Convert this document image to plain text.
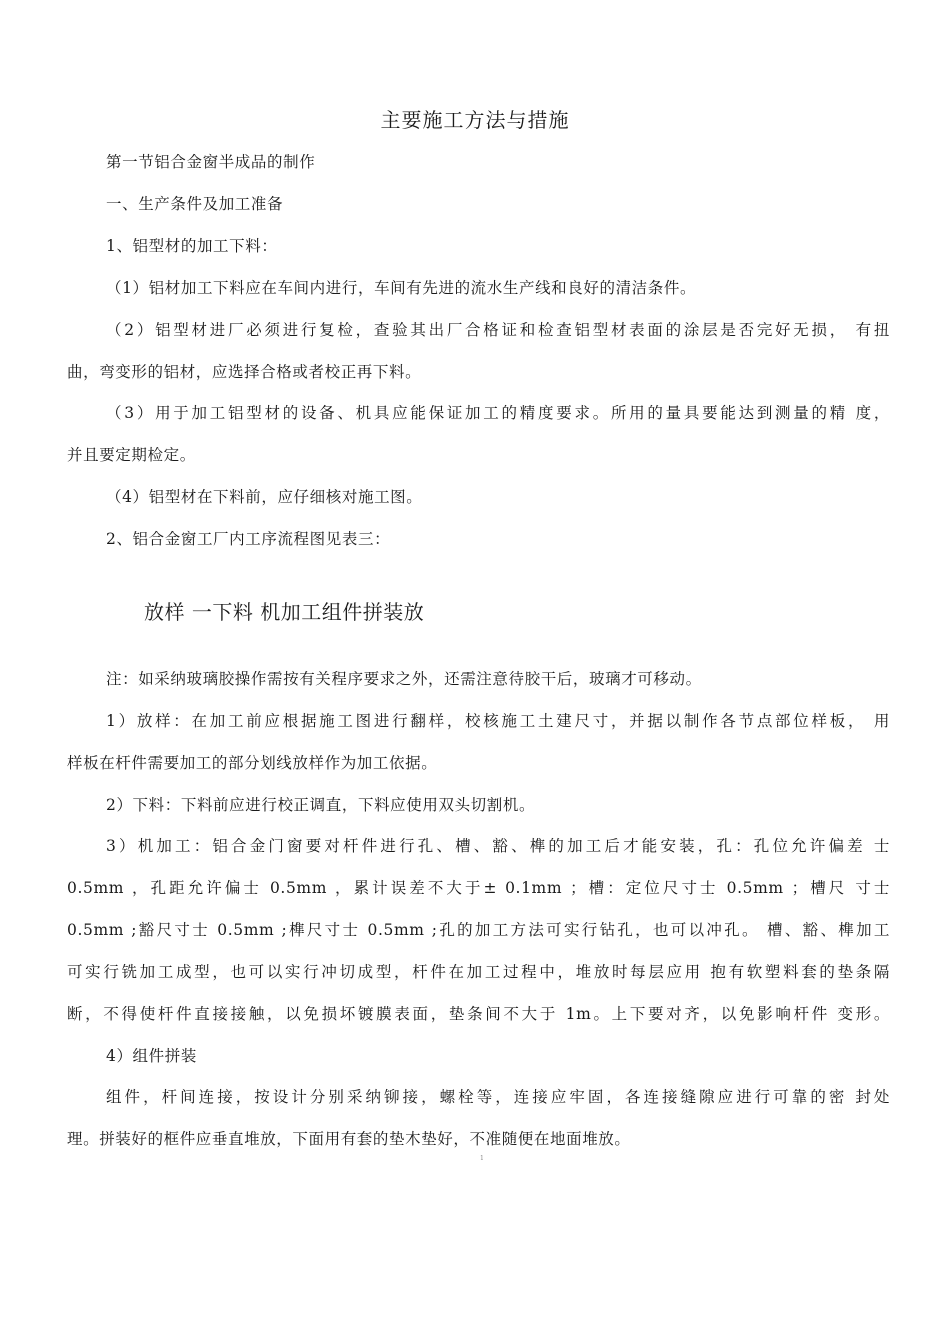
主要施工方法与措施
第一节铝合金窗半成品的制作
一、生产条件及加工准备
1、铝型材的加工下料：
（1）铝材加工下料应在车间内进行，车间有先进的流水生产线和良好的清洁条件。
（2）铝型材进厂必须进行复检，查验其出厂合格证和检查铝型材表面的涂层是否完好无损， 有扭
曲，弯变形的铝材，应选择合格或者校正再下料。
（3）用于加工铝型材的设备、机具应能保证加工的精度要求。所用的量具要能达到测量的精 度，
并且要定期检定。
（4）铝型材在下料前，应仔细核对施工图。
2、铝合金窗工厂内工序流程图见表三：
放样 一下料 机加工组件拼装放
注：如采纳玻璃胶操作需按有关程序要求之外，还需注意待胶干后，玻璃才可移动。
1）放样：在加工前应根据施工图进行翻样，校核施工土建尺寸，并据以制作各节点部位样板， 用
样板在杆件需要加工的部分划线放样作为加工依据。
2）下料：下料前应进行校正调直，下料应使用双头切割机。
3）机加工：铝合金门窗要对杆件进行孔、槽、豁、榫的加工后才能安装，孔：孔位允许偏差 士
0.5mm ，孔距允许偏士 0.5mm ，累计误差不大于± 0.1mm ；槽：定位尺寸士 0.5mm ；槽尺 寸士
0.5mm ;豁尺寸士 0.5mm ;榫尺寸士 0.5mm ;孔的加工方法可实行钻孔，也可以冲孔。 槽、豁、榫加工
可实行铣加工成型，也可以实行冲切成型，杆件在加工过程中，堆放时每层应用 抱有软塑料套的垫条隔
断，不得使杆件直接接触，以免损坏镀膜表面，垫条间不大于 1m。上下要对齐，以免影响杆件 变形。
4）组件拼装
组件，杆间连接，按设计分别采纳铆接，螺栓等，连接应牢固，各连接缝隙应进行可靠的密 封处
理。拼装好的框件应垂直堆放，下面用有套的垫木垫好，不准随便在地面堆放。
1
